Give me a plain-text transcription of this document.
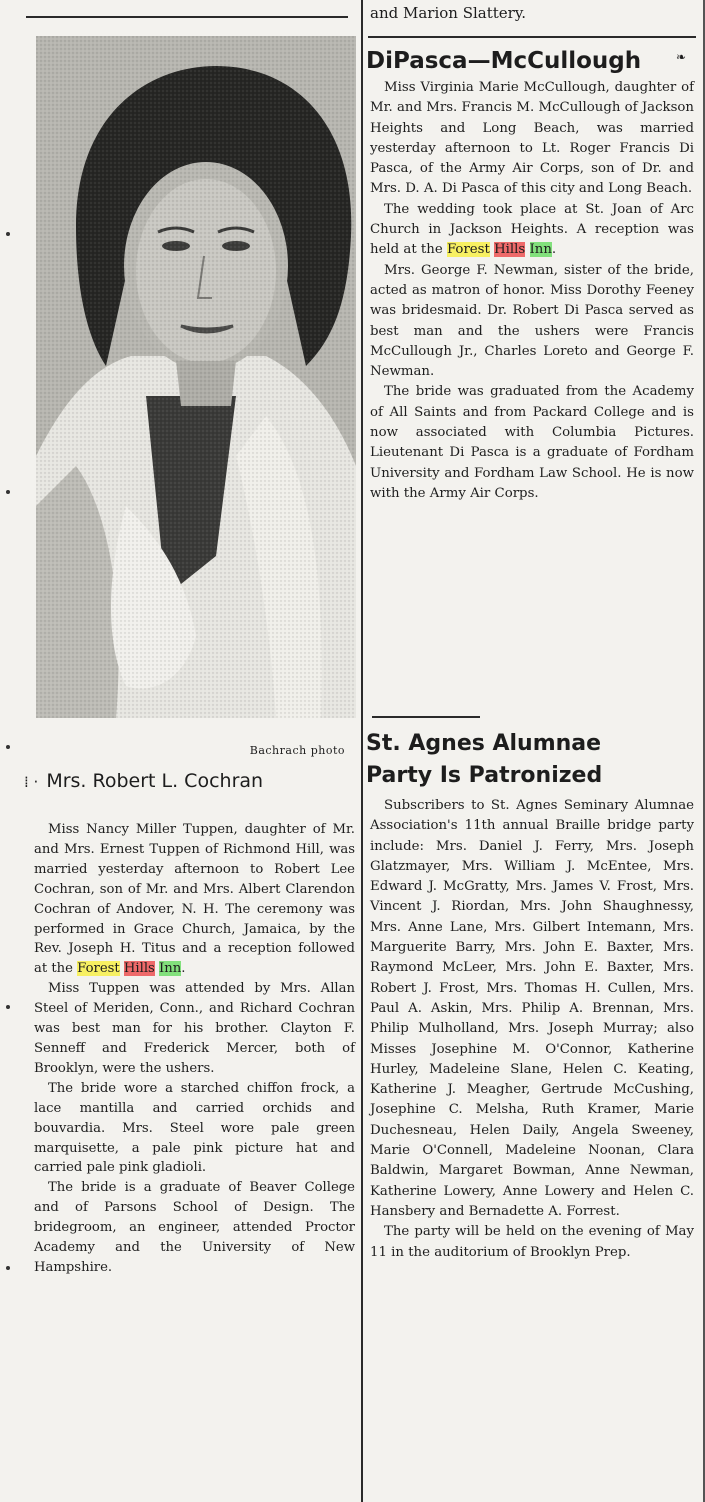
Bachrach photo
⁞ · Mrs. Robert L. Cochran

Miss Nancy Miller Tuppen, daughter of Mr. and Mrs. Ernest Tuppen of Richmond Hill, was married yesterday afternoon to Robert Lee Cochran, son of Mr. and Mrs. Albert Clarendon Cochran of Andover, N. H. The ceremony was performed in Grace Church, Jamaica, by the Rev. Joseph H. Titus and a reception followed at the Forest Hills Inn.

Miss Tuppen was attended by Mrs. Allan Steel of Meriden, Conn., and Richard Cochran was best man for his brother. Clayton F. Senneff and Frederick Mercer, both of Brooklyn, were the ushers.

The bride wore a starched chiffon frock, a lace mantilla and carried orchids and bouvardia. Mrs. Steel wore pale green marquisette, a pale pink picture hat and carried pale pink gladioli.

The bride is a graduate of Beaver College and of Parsons School of Design. The bridegroom, an engineer, attended Proctor Academy and the University of New Hampshire.

and Marion Slattery.
DiPasca—McCullough	❧

Miss Virginia Marie McCullough, daughter of Mr. and Mrs. Francis M. McCullough of Jackson Heights and Long Beach, was married yesterday afternoon to Lt. Roger Francis Di Pasca, of the Army Air Corps, son of Dr. and Mrs. D. A. Di Pasca of this city and Long Beach.

The wedding took place at St. Joan of Arc Church in Jackson Heights. A reception was held at the Forest Hills Inn.

Mrs. George F. Newman, sister of the bride, acted as matron of honor. Miss Dorothy Feeney was bridesmaid. Dr. Robert Di Pasca served as best man and the ushers were Francis McCullough Jr., Charles Loreto and George F. Newman.

The bride was graduated from the Academy of All Saints and from Packard College and is now associated with Columbia Pictures. Lieutenant Di Pasca is a graduate of Fordham University and Fordham Law School. He is now with the Army Air Corps.

St. Agnes Alumnae
Party Is Patronized

Subscribers to St. Agnes Seminary Alumnae Association's 11th annual Braille bridge party include: Mrs. Daniel J. Ferry, Mrs. Joseph Glatzmayer, Mrs. William J. McEntee, Mrs. Edward J. McGratty, Mrs. James V. Frost, Mrs. Vincent J. Riordan, Mrs. John Shaughnessy, Mrs. Anne Lane, Mrs. Gilbert Intemann, Mrs. Marguerite Barry, Mrs. John E. Baxter, Mrs. Raymond McLeer, Mrs. John E. Baxter, Mrs. Robert J. Frost, Mrs. Thomas H. Cullen, Mrs. Paul A. Askin, Mrs. Philip A. Brennan, Mrs. Philip Mulholland, Mrs. Joseph Murray; also Misses Josephine M. O'Connor, Katherine Hurley, Madeleine Slane, Helen C. Keating, Katherine J. Meagher, Gertrude McCushing, Josephine C. Melsha, Ruth Kramer, Marie Duchesneau, Helen Daily, Angela Sweeney, Marie O'Connell, Madeleine Noonan, Clara Baldwin, Margaret Bowman, Anne Newman, Katherine Lowery, Anne Lowery and Helen C. Hansbery and Bernadette A. Forrest.

The party will be held on the evening of May 11 in the auditorium of Brooklyn Prep.
